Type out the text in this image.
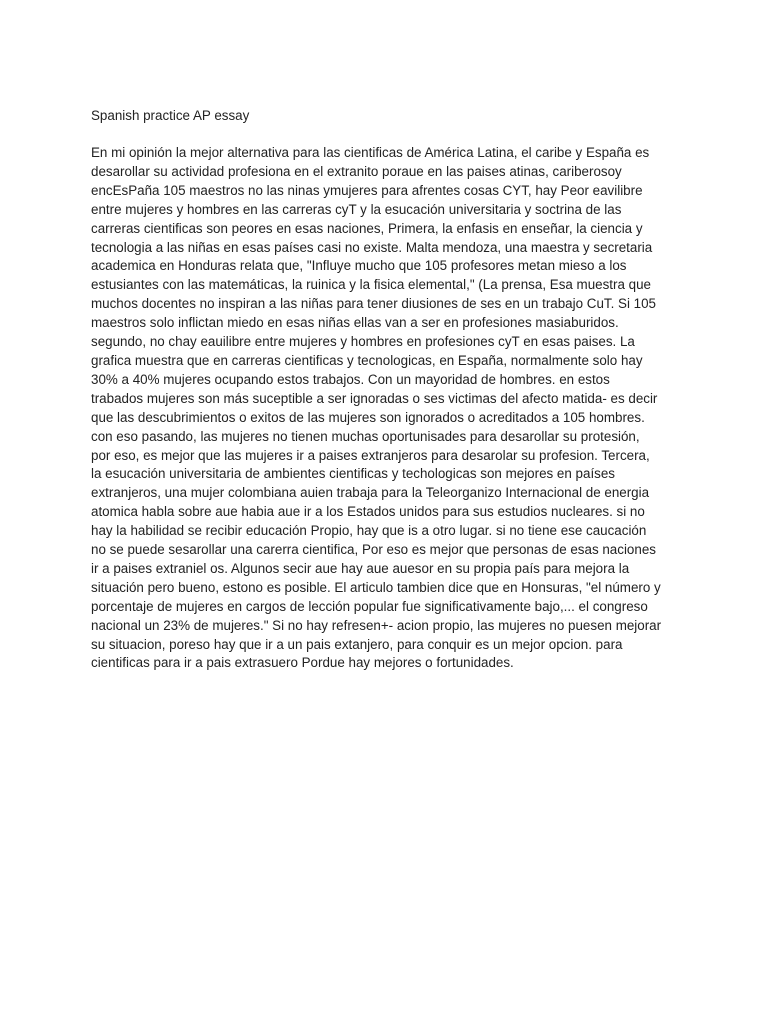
Spanish practice AP essay
En mi opinión la mejor alternativa para las cientificas de América Latina, el caribe y España es
desarollar su actividad profesiona en el extranito poraue en las paises atinas, cariberosoy
encEsPaña 105 maestros no las ninas ymujeres para afrentes cosas CYT, hay Peor eavilibre
entre mujeres y hombres en las carreras cyT y la esucación universitaria y soctrina de las
carreras cientificas son peores en esas naciones, Primera, la enfasis en enseñar, la ciencia y
tecnologia a las niñas en esas países casi no existe. Malta mendoza, una maestra y secretaria
academica en Honduras relata que, "Influye mucho que 105 profesores metan mieso a los
estusiantes con las matemáticas, la ruinica y la fisica elemental," (La prensa, Esa muestra que
muchos docentes no inspiran a las niñas para tener diusiones de ses en un trabajo CuT. Si 105
maestros solo inflictan miedo en esas niñas ellas van a ser en profesiones masiaburidos.
segundo, no chay eauilibre entre mujeres y hombres en profesiones cyT en esas paises. La
grafica muestra que en carreras cientificas y tecnologicas, en España, normalmente solo hay
30% a 40% mujeres ocupando estos trabajos. Con un mayoridad de hombres. en estos
trabados mujeres son más suceptible a ser ignoradas o ses victimas del afecto matida- es decir
que las descubrimientos o exitos de las mujeres son ignorados o acreditados a 105 hombres.
con eso pasando, las mujeres no tienen muchas oportunisades para desarollar su protesión,
por eso, es mejor que las mujeres ir a paises extranjeros para desarolar su profesion. Tercera,
la esucación universitaria de ambientes cientificas y techologicas son mejores en países
extranjeros, una mujer colombiana auien trabaja para la Teleorganizo Internacional de energia
atomica habla sobre aue habia aue ir a los Estados unidos para sus estudios nucleares. si no
hay la habilidad se recibir educación Propio, hay que is a otro lugar. si no tiene ese caucación
no se puede sesarollar una carerra cientifica, Por eso es mejor que personas de esas naciones
ir a paises extraniel os. Algunos secir aue hay aue auesor en su propia país para mejora la
situación pero bueno, estono es posible. El articulo tambien dice que en Honsuras, "el número y
porcentaje de mujeres en cargos de lección popular fue significativamente bajo,... el congreso
nacional un 23% de mujeres." Si no hay refresen+- acion propio, las mujeres no puesen mejorar
su situacion, poreso hay que ir a un pais extanjero, para conquir es un mejor opcion. para
cientificas para ir a pais extrasuero Pordue hay mejores o fortunidades.
